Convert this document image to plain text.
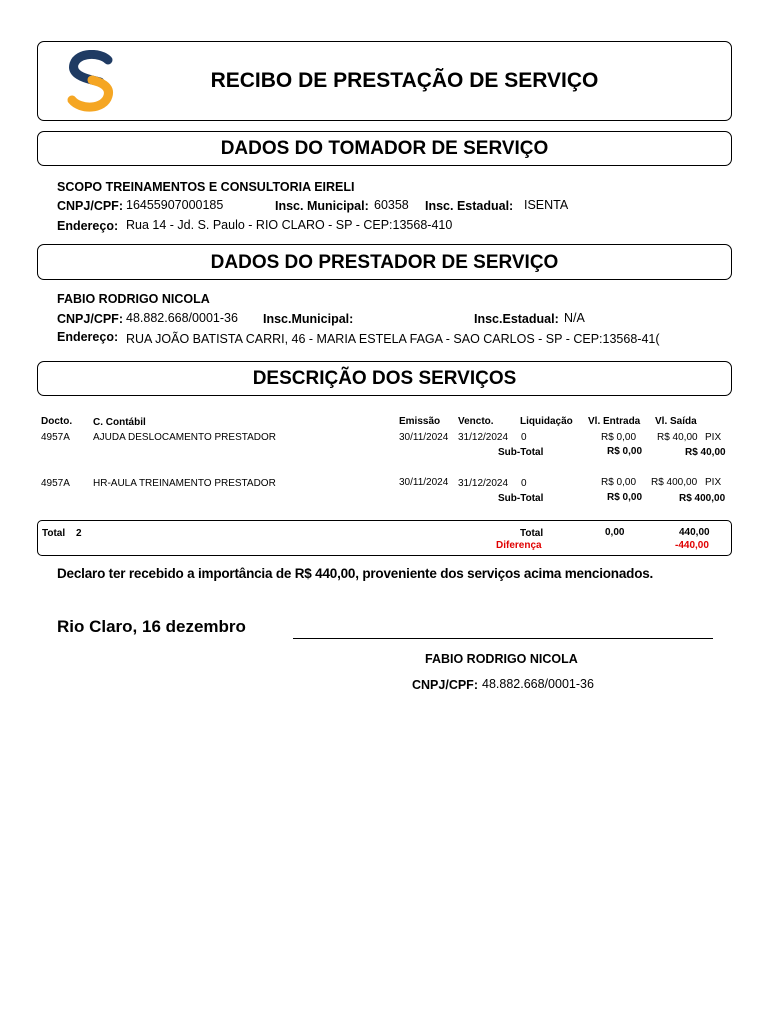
RECIBO DE PRESTAÇÃO DE SERVIÇO
DADOS DO TOMADOR DE SERVIÇO
SCOPO TREINAMENTOS E CONSULTORIA EIRELI
CNPJ/CPF: 16455907000185	Insc. Municipal: 60358 Insc. Estadual: ISENTA
Endereço: Rua 14 - Jd. S. Paulo - RIO CLARO - SP - CEP:13568-410
DADOS DO PRESTADOR DE SERVIÇO
FABIO RODRIGO NICOLA
CNPJ/CPF: 48.882.668/0001-36 Insc.Municipal:	Insc.Estadual: N/A
Endereço: RUA JOÃO BATISTA CARRI, 46 - MARIA ESTELA FAGA - SAO CARLOS - SP - CEP:13568-41(
DESCRIÇÃO DOS SERVIÇOS
Docto. C. Contábil	Emissão Vencto.	Liquidação Vl. Entrada Vl. Saída
4957A AJUDA DESLOCAMENTO PRESTADOR	30/11/2024 31/12/2024 0	R$ 0,00 R$ 40,00 PIX
Sub-Total	R$ 0,00	R$ 40,00
4957A HR-AULA TREINAMENTO PRESTADOR	30/11/2024 31/12/2024 0	R$ 0,00 R$ 400,00 PIX
Sub-Total	R$ 0,00	R$ 400,00
Total 2	Total	0,00	440,00
Diferença	-440,00
Declaro ter recebido a importância de R$ 440,00, proveniente dos serviços acima mencionados.
Rio Claro, 16 dezembro
FABIO RODRIGO NICOLA
CNPJ/CPF: 48.882.668/0001-36
